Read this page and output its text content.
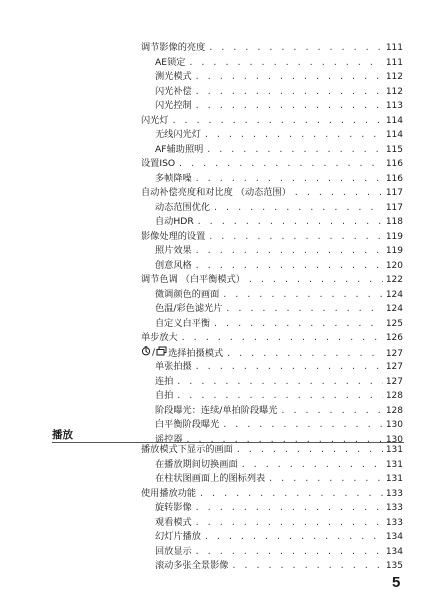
调节影像的亮度 . . .	111
AE锁定 . . .	111
测光模式 . . .	112
闪光补偿 . . .	112
闪光控制 . . .	113
闪光灯 . . .	114
无线闪光灯 . . .	114
AF辅助照明 . . .	115
设置ISO . . .	116
多帧降噪 . . .	116
自动补偿亮度和对比度 （动态范围） . . .	117
动态范围优化 . . .	117
自动HDR . . .	118
影像处理的设置 . . .	119
照片效果 . . .	119
创意风格 . . .	120
调节色调 （白平衡模式） . . .	122
微调颜色的画面 . . .	124
色温/彩色滤光片 . . .	124
自定义白平衡 . . .	125
单步放大 . . .	126
/ 选择拍摄模式 . . .	127
单张拍摄 . . .	127
连拍 . . .	127
自拍 . . .	128
阶段曝光：连续/单拍阶段曝光 . . .	128
白平衡阶段曝光 . . .	130
遥控器 . . .	130
播放
播放模式下显示的画面 . . .	131
在播放期间切换画面 . . .	131
在柱状图画面上的图标列表 . . .	131
使用播放功能 . . .	133
旋转影像 . . .	133
观看模式 . . .	133
幻灯片播放 . . .	134
回放显示 . . .	134
滚动多张全景影像 . . .	135
5
